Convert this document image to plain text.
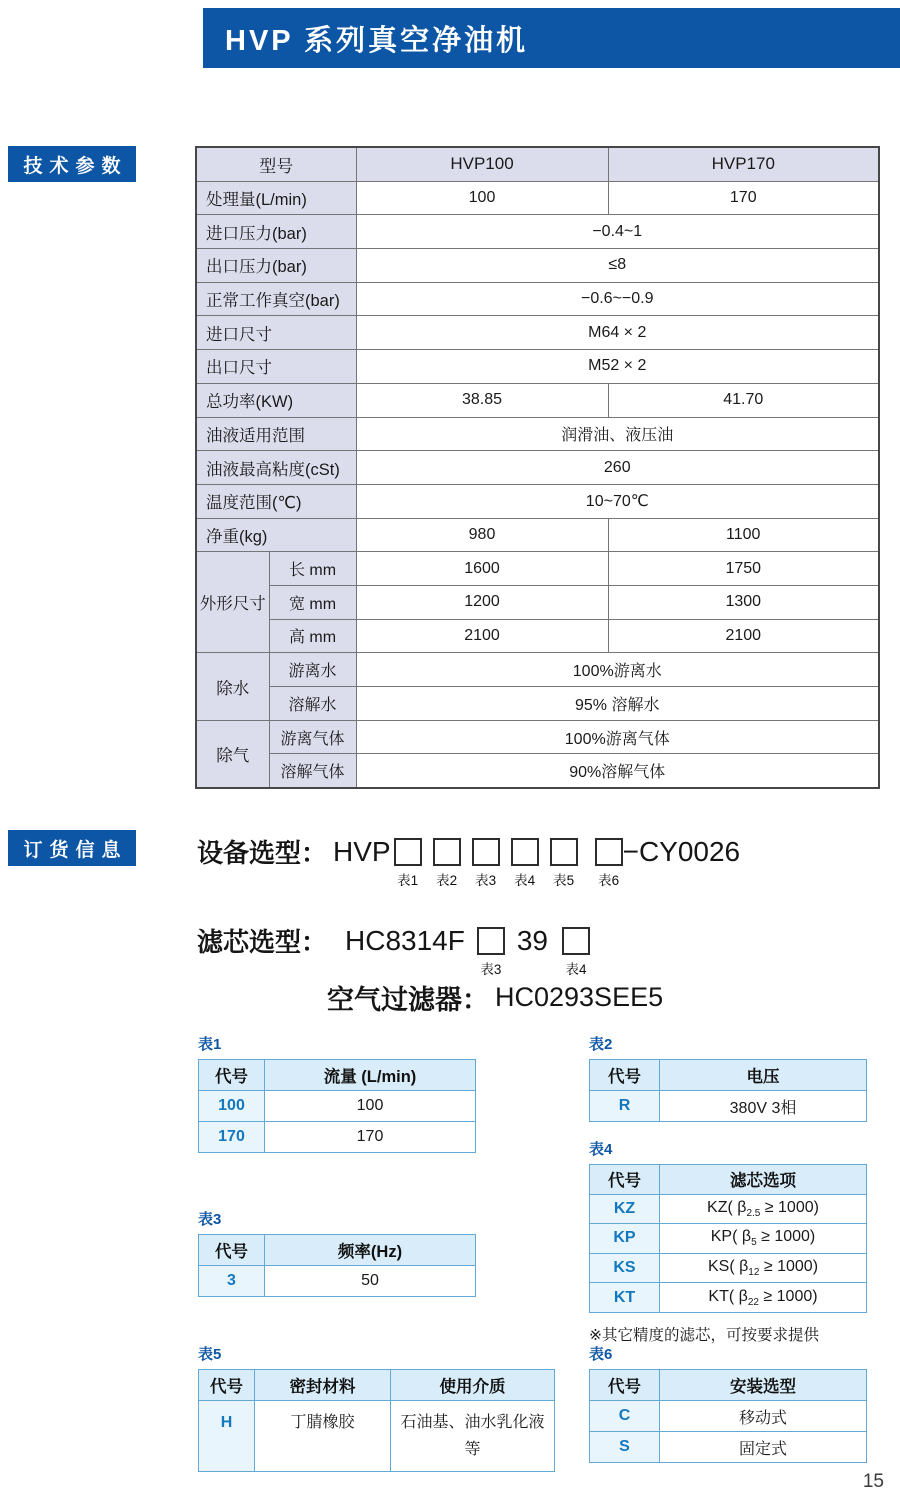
HVP 系列真空净油机
技术参数
订货信息
型号		HVP100	HVP170
处理量(L/min)		100	170
进口压力(bar)		−0.4~1	
出口压力(bar)		≤8	
正常工作真空(bar)		−0.6~−0.9	
进口尺寸		M64 × 2	
出口尺寸		M52 × 2	
总功率(KW)		38.85	41.70
油液适用范围		润滑油、液压油	
油液最高粘度(cSt)		260	
温度范围(℃)		10~70℃	
净重(kg)		980	1100
外形尺寸	长 mm	1600	1750
	宽 mm	1200	1300
	高 mm	2100	2100
除水	游离水	100%游离水	
	溶解水	95% 溶解水	
除气	游离气体	100%游离气体	
	溶解气体	90%溶解气体	
设备选型： HVP
表1 表2 表3 表4 表5 表6
−CY0026
滤芯选型： HC8314F
表3
39
表4
空气过滤器： HC0293SEE5
表1
代号	流量 (L/min)
100	100
170	170
表2
代号	电压
R	380V 3相
表4
代号	滤芯选项
KZ	KZ( $\beta_{2.5} \ge 1000$)
KP	KP( $\beta_5 \ge 1000$)
KS	KS( $\beta_{12} \ge 1000$)
KT	KT( $\beta_{22} \ge 1000$)
※其它精度的滤芯，可按要求提供
表3
代号	频率(Hz)
3	50
表5
代号	密封材料	使用介质
H	丁腈橡胶	石油基、油水乳化液等
表6
代号	安装选型
C	移动式
S	固定式
15
